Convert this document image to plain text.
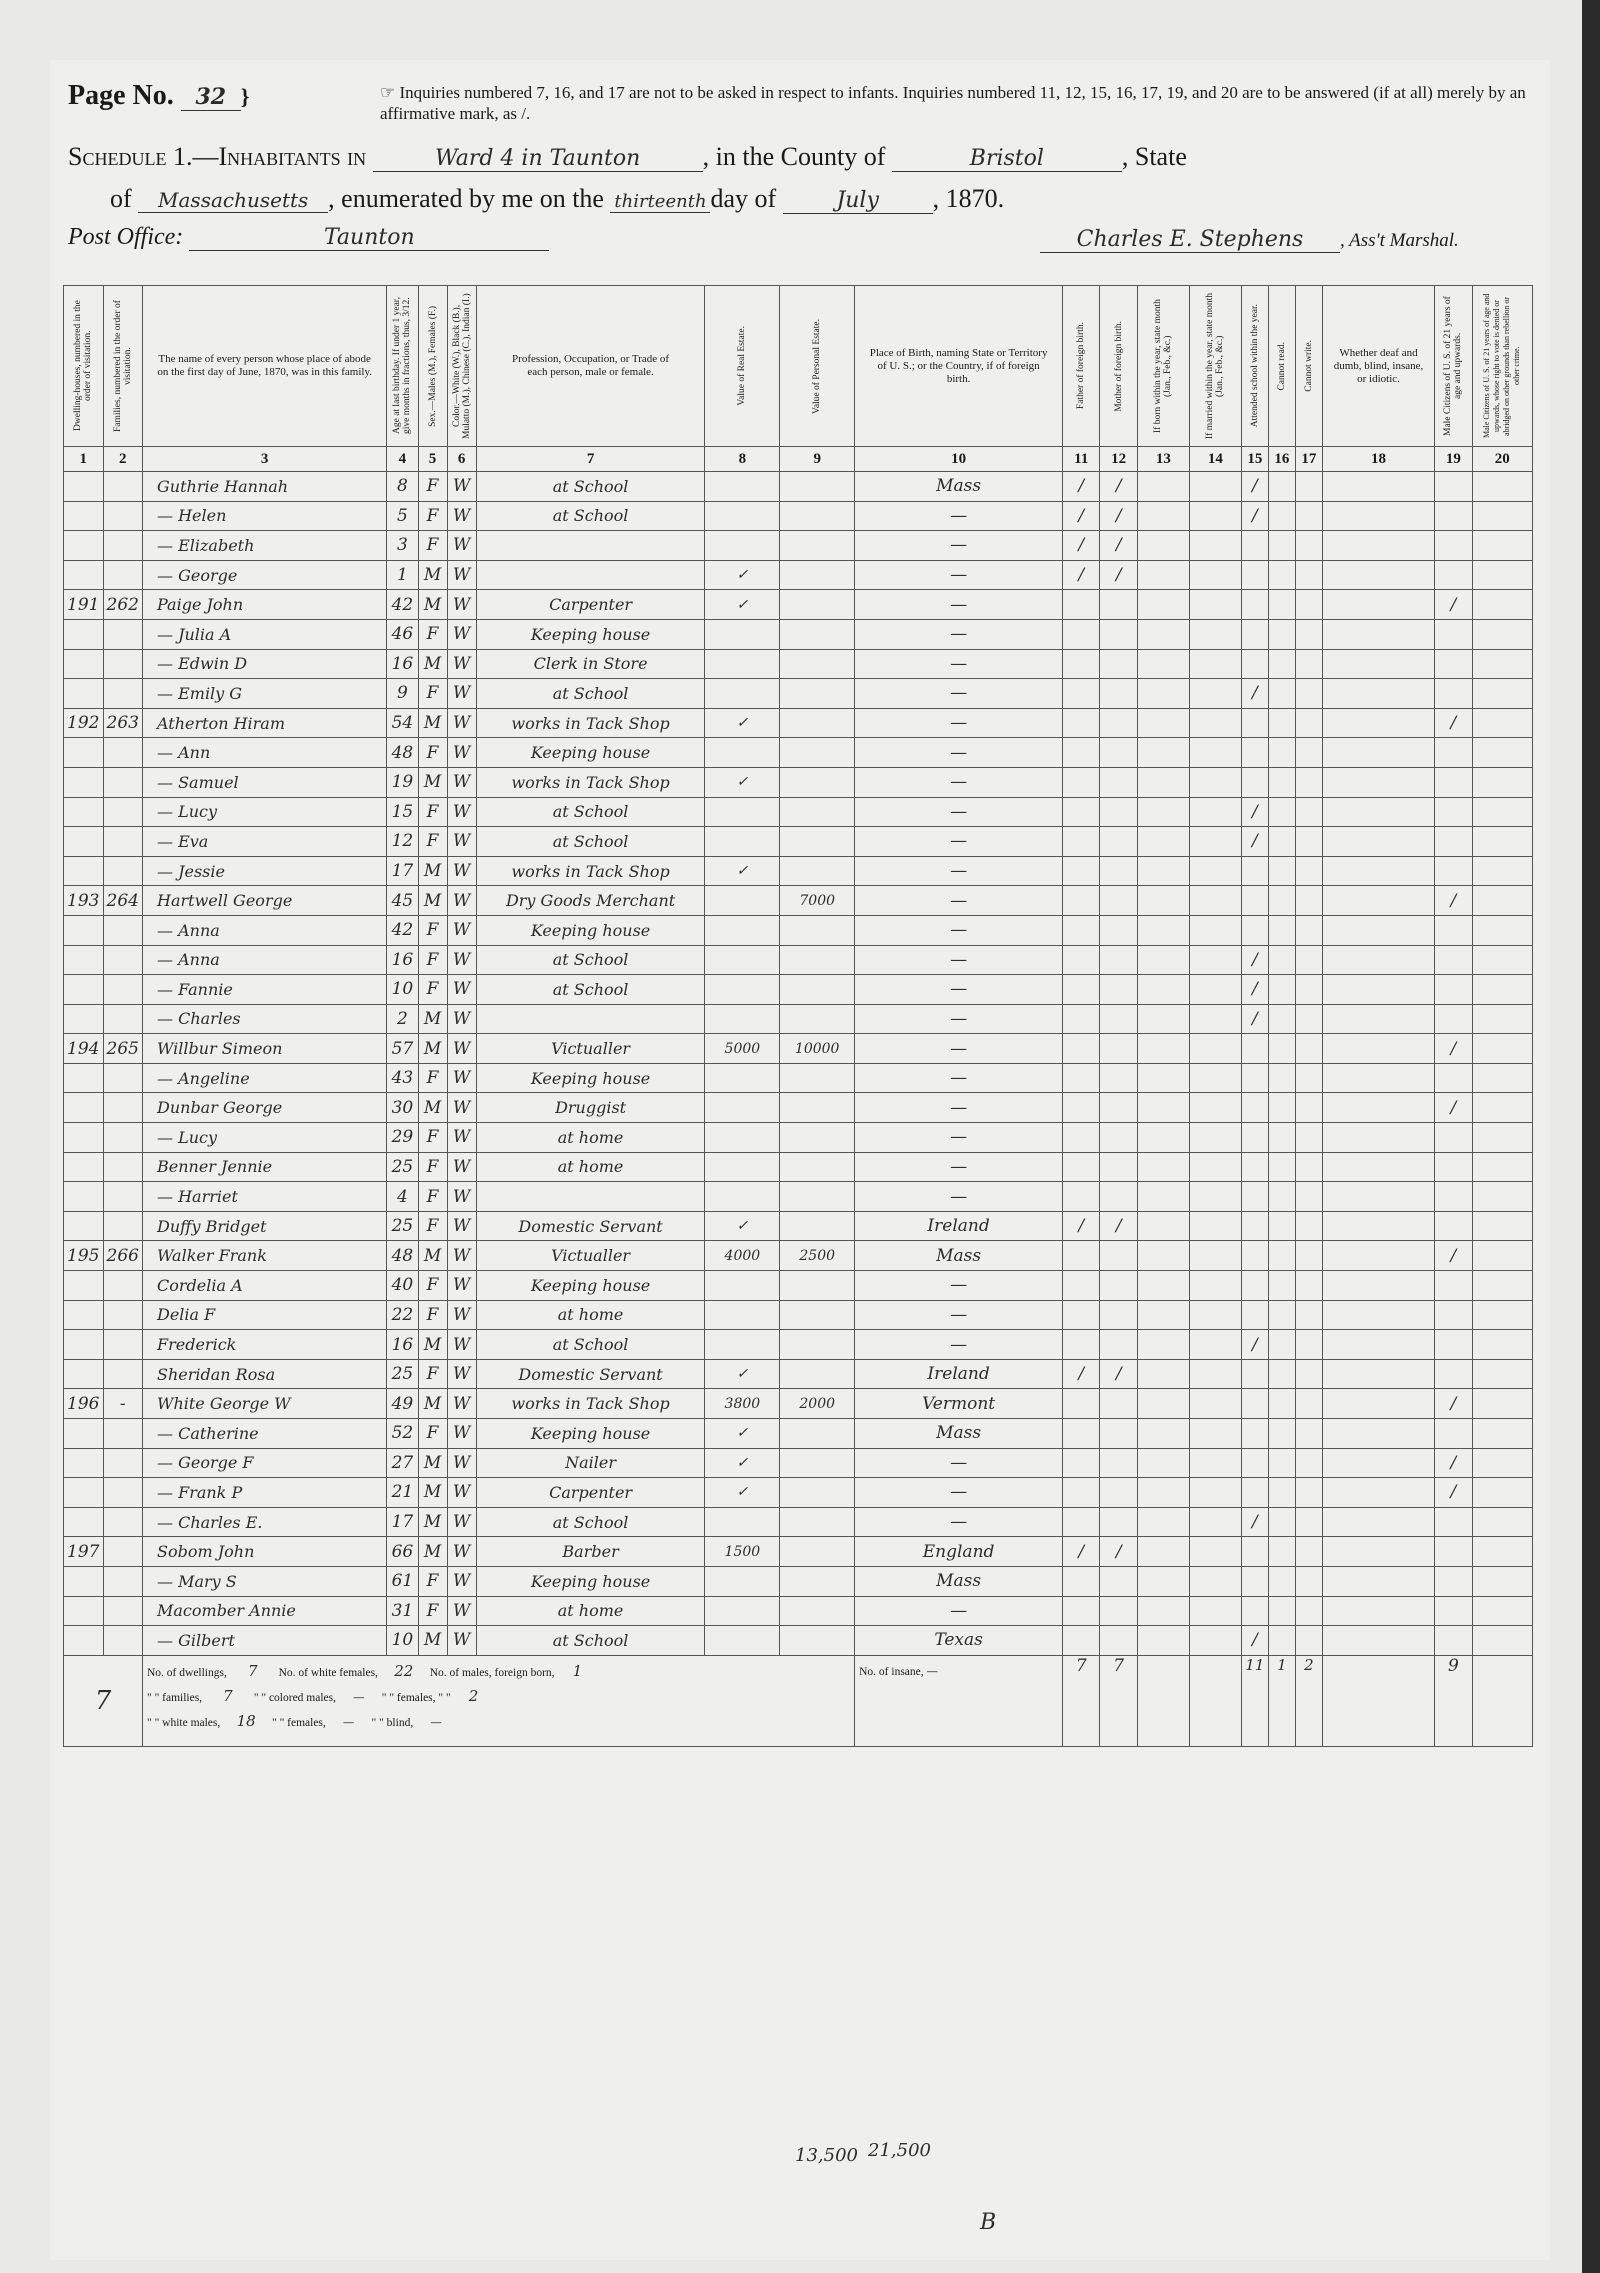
Page No. 32 }	☞ Inquiries numbered 7, 16, and 17 are not to be asked in respect to infants. Inquiries numbered 11, 12, 15, 16, 17, 19, and 20 are to be answered (if at all) merely by an affirmative mark, as /.
Schedule 1.—Inhabitants in	Ward 4 in Taunton , in the County of	Bristol	, State
of Massachusetts , enumerated by me on the thirteenth day of	July , 1870.
Post Office:	Taunton	Charles E. Stephens , Ass't Marshal.
Dwelling-houses, numbered in the order of visitation.	Families, numbered in the order of visitation.	The name of every person whose place of abode on the first day of June, 1870, was in this family.	Age at last birthday. If under 1 year, give months in fractions, thus, 3/12.	Sex.—Males (M.), Females (F.)	Color.—White (W.), Black (B.), Mulatto (M.), Chinese (C.), Indian (I.)	Profession, Occupation, or Trade of each person, male or female.	Value of Real Estate.	Value of Personal Estate.	Place of Birth, naming State or Territory of U. S.; or the Country, if of foreign birth.	Father of foreign birth.	Mother of foreign birth.	If born within the year, state month (Jan., Feb., &c.)	If married within the year, state month (Jan., Feb., &c.)	Attended school within the year.	Cannot read.	Cannot write.	Whether deaf and dumb, blind, insane, or idiotic.	Male Citizens of U. S. of 21 years of age and upwards.	Male Citizens of U. S. of 21 years of age and upwards, whose right to vote is denied or abridged on other grounds than rebellion or other crime.

1	2	3	4	5	6	7	8	9	10	11	12	13	14	15	16	17	18	19	20
		Guthrie Hannah	8	F	W	at School			Mass	/	/			/					
		— Helen	5	F	W	at School			—	/	/			/					
		— Elizabeth	3	F	W				—	/	/								
		— George	1	M	W		✓		—	/	/								
191	262	Paige John	42	M	W	Carpenter	✓		—									/	
		— Julia A	46	F	W	Keeping house			—										
		— Edwin D	16	M	W	Clerk in Store			—										
		— Emily G	9	F	W	at School			—					/					
192	263	Atherton Hiram	54	M	W	works in Tack Shop	✓		—									/	
		— Ann	48	F	W	Keeping house			—										
		— Samuel	19	M	W	works in Tack Shop	✓		—										
		— Lucy	15	F	W	at School			—					/					
		— Eva	12	F	W	at School			—					/					
		— Jessie	17	M	W	works in Tack Shop	✓		—										
193	264	Hartwell George	45	M	W	Dry Goods Merchant		7000	—									/	
		— Anna	42	F	W	Keeping house			—										
		— Anna	16	F	W	at School			—					/					
		— Fannie	10	F	W	at School			—					/					
		— Charles	2	M	W				—					/					
194	265	Willbur Simeon	57	M	W	Victualler	5000	10000	—									/	
		— Angeline	43	F	W	Keeping house			—										
		Dunbar George	30	M	W	Druggist			—									/	
		— Lucy	29	F	W	at home			—										
		Benner Jennie	25	F	W	at home			—										
		— Harriet	4	F	W				—										
		Duffy Bridget	25	F	W	Domestic Servant	✓		Ireland	/	/								
195	266	Walker Frank	48	M	W	Victualler	4000	2500	Mass									/	
		Cordelia A	40	F	W	Keeping house			—										
		Delia F	22	F	W	at home			—										
		Frederick	16	M	W	at School			—					/					
		Sheridan Rosa	25	F	W	Domestic Servant	✓		Ireland	/	/								
196	-	White George W	49	M	W	works in Tack Shop	3800	2000	Vermont									/	
		— Catherine	52	F	W	Keeping house	✓		Mass										
		— George F	27	M	W	Nailer	✓		—									/	
		— Frank P	21	M	W	Carpenter	✓		—									/	
		— Charles E.	17	M	W	at School			—					/					
197		Sobom John	66	M	W	Barber	1500		England	/	/								
		— Mary S	61	F	W	Keeping house			Mass										
		Macomber Annie	31	F	W	at home			—										
		— Gilbert	10	M	W	at School			Texas					/					
7		No. of dwellings, 7 No. of white females, 22 No. of males, foreign born, 1
" " families, 7 " " colored males, — " " females, " " 2
" " white males, 18 " " females, — " " blind, —							No. of insane, —	7	7			11	1	2		9	
13,500 21,500
B
